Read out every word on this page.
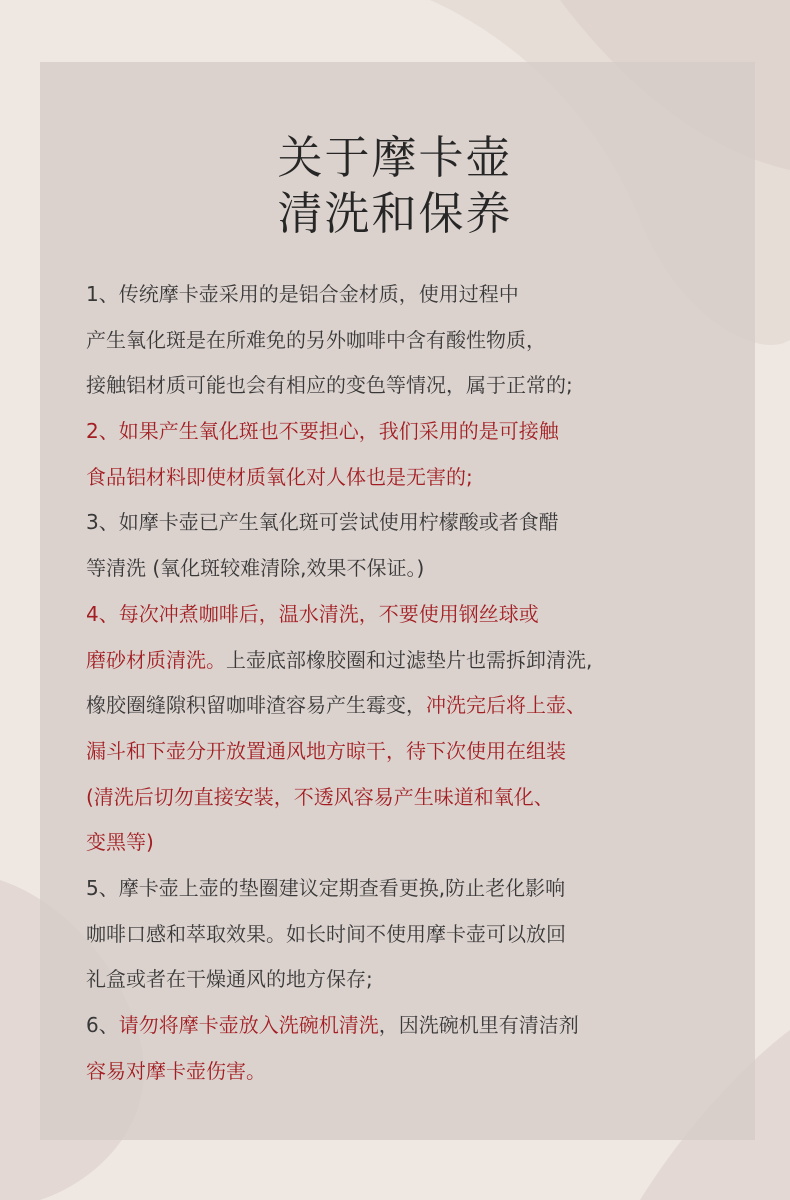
关于摩卡壶
清洗和保养
1、传统摩卡壶采用的是铝合金材质，使用过程中
产生氧化斑是在所难免的另外咖啡中含有酸性物质，
接触铝材质可能也会有相应的变色等情况，属于正常的;
2、如果产生氧化斑也不要担心，我们采用的是可接触
食品铝材料即使材质氧化对人体也是无害的;
3、如摩卡壶已产生氧化斑可尝试使用柠檬酸或者食醋
等清洗 (氧化斑较难清除,效果不保证。)
4、每次冲煮咖啡后，温水清洗，不要使用钢丝球或
磨砂材质清洗。上壶底部橡胶圈和过滤垫片也需拆卸清洗,
橡胶圈缝隙积留咖啡渣容易产生霉变，冲洗完后将上壶、
漏斗和下壶分开放置通风地方晾干，待下次使用在组装
(清洗后切勿直接安装，不透风容易产生味道和氧化、
变黑等)
5、摩卡壶上壶的垫圈建议定期查看更换,防止老化影响
咖啡口感和萃取效果。如长时间不使用摩卡壶可以放回
礼盒或者在干燥通风的地方保存;
6、请勿将摩卡壶放入洗碗机清洗，因洗碗机里有清洁剂
容易对摩卡壶伤害。
